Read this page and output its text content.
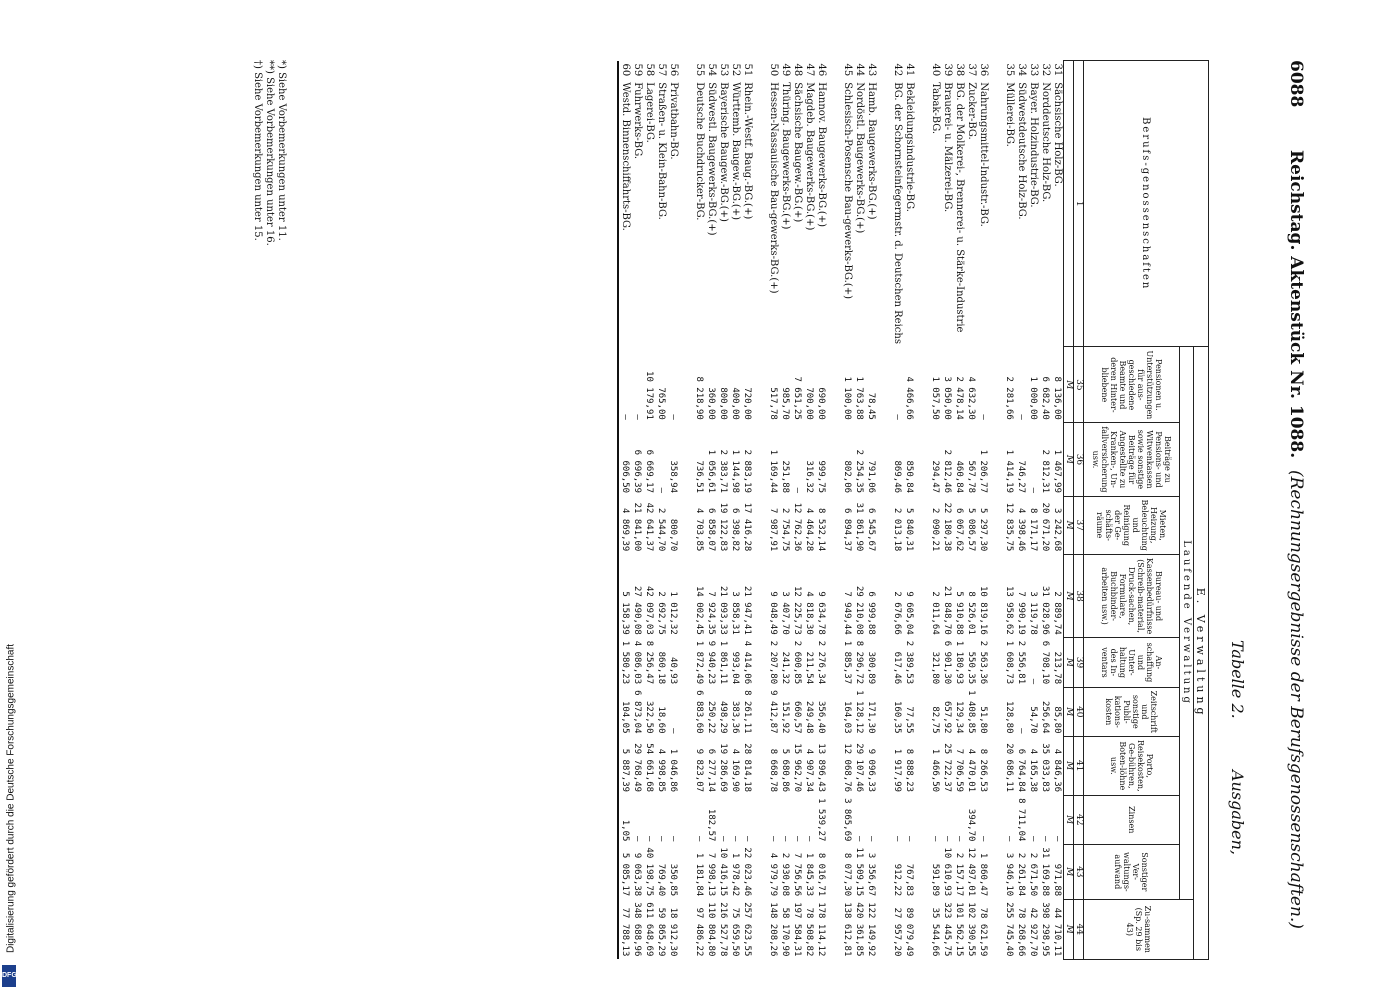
6088
Reichstag. Aktenstück Nr. 1088.
(Rechnungsergebnisse der Berufsgenossenschaften.)
Tabelle 2.
Ausgaben,
Berufs-genossenschaften		E. Verwaltung									
		Laufende Verwaltung									Zu-sammen (Sp. 29 bis 43)
		Pensionen u. Unterstützungen für aus-geschiedene Beamte und deren Hinter-bliebene	Beiträge zu Pensions- und Witwenkassen sowie sonstige Beiträge für Angestellte zu Kranken-, Un-fallversicherung usw.	Mieten, Heizung, Beleuchtung und Reinigung der Ge-schäfts-räume	Bureau- und Kassenbedürfnisse (Schreib-material, Druck-sachen, Formulare, Buchbinder-arbeiten usw.)	An-schaffung und Unter-haltung des In-ventars	Zeitschrift und sonstige Publi-kations-kosten	Porto, Reisekosten, Ge-bühren, Boten-löhne usw.	Zinsen	Sonstiger Ver-waltungs-aufwand	
1		35	36	37	38	39	40	41	42	43	44
		M	M	M	M	M	M	M	M	M	M
31	Sächsische Holz-BG.	8 136,00	1 467,99	3 242,68	2 889,74	213,78	85,80	4 846,36	—	971,88	44 710,11
32	Norddeutsche Holz-BG.	6 682,40	2 812,31	20 671,20	31 028,96	6 708,10	256,64	35 033,83	—	31 169,88	398 298,95
33	Bayer. Holzindustrie-BG.	1 000,00	—	8 171,17	3 119,78	—	54,70	4 165,38	—	2 671,50	42 927,70
34	Südwestdeutsche Holz-BG.	—	746,27	4 398,46	7 990,19	2 556,81	—	6 764,84	8 711,04	2 261,84	78 268,66
35	Müllerei-BG.	2 281,66	1 414,19	12 835,75	13 958,62	1 608,73	128,80	20 686,11	—	3 946,10	255 745,40

36	Nahrungsmittel-Industr.-BG.	—	1 206,77	5 297,30	10 819,16	2 563,36	51,80	8 266,53	—	1 860,47	78 621,59
37	Zucker-BG.	4 632,30	567,78	5 086,57	8 526,01	550,35	1 408,85	4 470,01	394,70	12 497,01	102 390,55
38	BG. der Molkerei-, Brennerei- u. Stärke-Industrie	2 478,14	460,84	6 067,62	5 910,88	1 180,93	129,34	7 706,59	—	2 157,17	101 562,15
39	Brauerei- u. Mälzerei-BG.	3 050,00	2 812,46	22 180,38	21 848,70	6 901,30	657,92	25 722,37	—	10 610,93	323 445,75
40	Tabak-BG.	1 057,50	294,47	2 090,21	2 011,64	321,80	82,75	1 466,50	—	591,89	35 544,66

41	Bekleidungsindustrie-BG.	4 466,66	850,84	5 840,31	9 605,04	2 389,53	77,55	8 888,23	—	767,83	89 079,49
42	BG. der Schornsteinfegermstr. d. Deutschen Reichs	—	869,46	2 013,18	2 676,66	617,46	160,35	1 917,99	—	912,22	27 957,20

43	Hamb. Baugewerks-BG.(+)	78,45	791,06	6 545,67	6 999,88	300,89	171,30	9 096,33	—	3 356,67	122 149,92
44	Nordöstl. Baugewerks-BG.(+)	1 763,88	2 254,35	31 861,90	29 210,08	8 296,72	1 128,12	29 107,46	—	11 509,15	420 361,85
45	Schlesisch-Posensche Bau-gewerks-BG.(+)	1 100,00	802,06	6 894,37	7 949,44	1 885,37	164,03	12 068,76	3 865,69	8 077,30	138 612,81

46	Hannov. Baugewerks-BG.(+)	690,00	999,75	8 532,14	9 634,78	2 276,34	356,40	13 896,43	1 539,27	8 016,71	178 114,12
47	Magdeb. Baugewerks-BG.(+)	700,00	316,32	4 464,28	4 818,30	211,54	249,48	4 907,34	—	1 845,33	78 508,82
48	Sächsische Baugew.-BG.(+)	7 651,25	—	12 762,36	12 225,73	2 600,85	660,57	15 962,70	—	7 756,56	197 584,31
49	Thüring. Baugewerks-BG.(+)	985,70	251,88	2 754,75	3 407,70	241,32	151,92	5 680,86	—	2 930,08	58 170,90
50	Hessen-Nassauische Bau-gewerks-BG.(+)	517,78	1 169,44	7 987,91	9 048,49	2 207,80	9 412,87	8 668,78	—	4 979,79	148 208,26

51	Rhein.-Westf. Baug.-BG.(+)	720,00	2 883,19	17 416,28	21 947,41	4 414,06	8 261,11	28 814,18	—	22 023,46	257 623,55
52	Württemb. Baugew.-BG.(+)	400,00	1 144,98	6 398,82	3 858,31	993,04	383,36	4 169,90	—	1 978,42	75 659,50
53	Bayerische Baugew.-BG.(+)	800,00	2 383,71	19 122,83	21 093,33	1 861,11	498,29	19 286,69	—	10 416,15	216 527,78
54	Südwestl. Baugewerks-BG.(+)	360,00	1 056,61	6 858,07	7 924,35	9 940,23	250,22	6 277,14	182,57	7 998,13	110 804,80
55	Deutsche Buchdrucker-BG.	8 218,90	736,51	4 703,85	14 002,45	1 872,49	6 883,60	9 823,07	—	1 181,84	97 486,22

56	Privatbahn-BG.	—	358,94	800,70	1 012,32	40,93	—	1 046,86	—	350,85	18 912,30
57	Straßen- u. Klein-Bahn-BG.	765,00	—	2 544,70	2 692,75	860,18	18,60	4 998,85	—	769,40	59 865,29
58	Lagerei-BG.	10 179,91	6 669,17	42 641,37	42 097,03	8 256,47	322,50	54 661,68	—	40 198,75	611 648,69
59	Fuhrwerks-BG.	—	6 696,39	21 841,00	27 490,08	4 086,03	6 873,04	29 768,49	—	9 063,38	348 688,96
60	Westd. Binnenschiffahrts-BG.	—	606,50	4 869,39	5 158,39	1 580,23	104,05	5 887,39	1,05	5 085,17	77 788,13

*) Siehe Vorbemerkungen unter 11.
**) Siehe Vorbemerkungen unter 16.
†) Siehe Vorbemerkungen unter 15.
Digitalisierung gefördert durch die Deutsche Forschungsgemeinschaft
DFG
